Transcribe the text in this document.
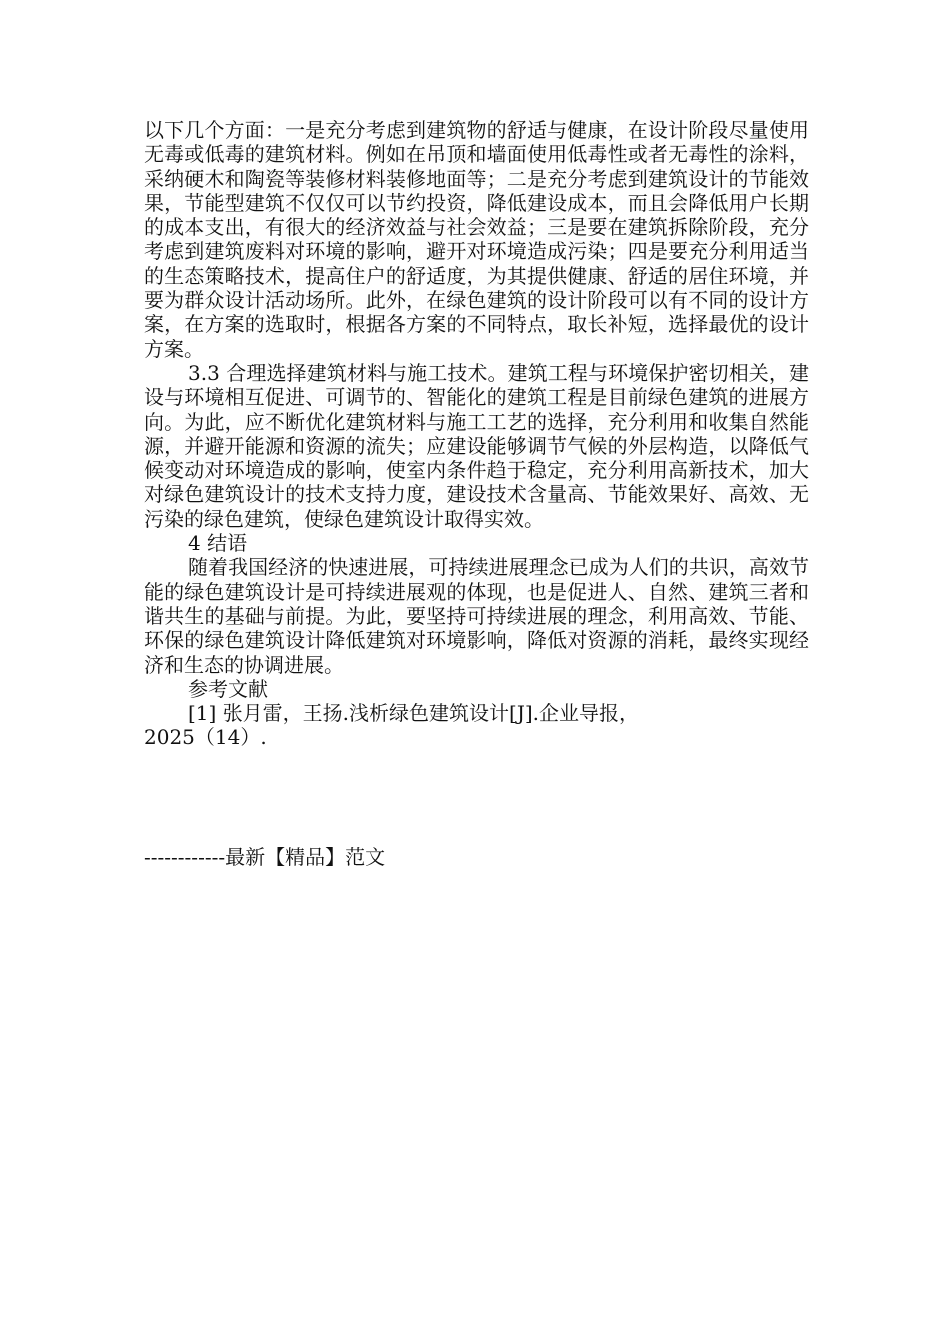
以下几个方面：一是充分考虑到建筑物的舒适与健康，在设计阶段尽量使用无毒或低毒的建筑材料。例如在吊顶和墙面使用低毒性或者无毒性的涂料，采纳硬木和陶瓷等装修材料装修地面等；二是充分考虑到建筑设计的节能效果，节能型建筑不仅仅可以节约投资，降低建设成本，而且会降低用户长期的成本支出，有很大的经济效益与社会效益；三是要在建筑拆除阶段，充分考虑到建筑废料对环境的影响，避开对环境造成污染；四是要充分利用适当的生态策略技术，提高住户的舒适度，为其提供健康、舒适的居住环境，并要为群众设计活动场所。此外，在绿色建筑的设计阶段可以有不同的设计方案，在方案的选取时，根据各方案的不同特点，取长补短，选择最优的设计方案。

3.3 合理选择建筑材料与施工技术。建筑工程与环境保护密切相关，建设与环境相互促进、可调节的、智能化的建筑工程是目前绿色建筑的进展方向。为此，应不断优化建筑材料与施工工艺的选择，充分利用和收集自然能源，并避开能源和资源的流失；应建设能够调节气候的外层构造，以降低气候变动对环境造成的影响，使室内条件趋于稳定，充分利用高新技术，加大对绿色建筑设计的技术支持力度，建设技术含量高、节能效果好、高效、无污染的绿色建筑，使绿色建筑设计取得实效。

4 结语

随着我国经济的快速进展，可持续进展理念已成为人们的共识，高效节能的绿色建筑设计是可持续进展观的体现，也是促进人、自然、建筑三者和谐共生的基础与前提。为此，要坚持可持续进展的理念，利用高效、节能、环保的绿色建筑设计降低建筑对环境影响，降低对资源的消耗，最终实现经济和生态的协调进展。

参考文献

[1] 张月雷，王扬.浅析绿色建筑设计[J].企业导报，

2025（14）.

------------最新【精品】范文
